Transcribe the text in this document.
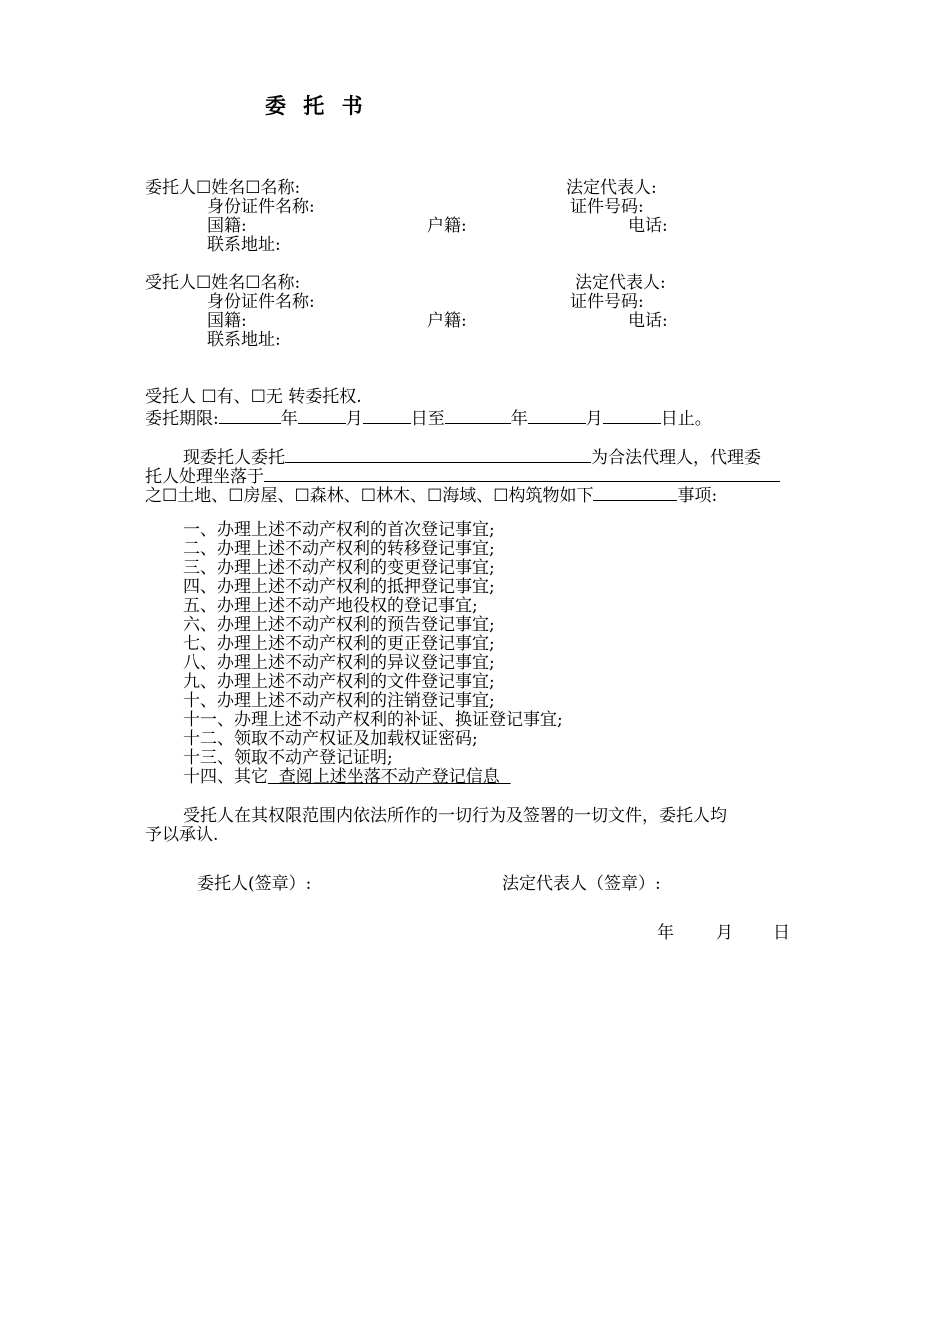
委 托 书
委托人☐姓名☐名称:	法定代表人:
身份证件名称:	证件号码:
国籍:	户籍:	电话:
联系地址:
受托人☐姓名☐名称:	法定代表人:
身份证件名称:	证件号码:
国籍:	户籍:	电话:
联系地址:
受托人 ☐有、☐无 转委托权.
委托期限:	年	月	日至	年	月	日止。
现委托人委托	为合法代理人，代理委
托人处理坐落于
之☐土地、☐房屋、☐森林、☐林木、☐海域、☐构筑物如下	事项:
一、办理上述不动产权利的首次登记事宜;
二、办理上述不动产权利的转移登记事宜;
三、办理上述不动产权利的变更登记事宜;
四、办理上述不动产权利的抵押登记事宜;
五、办理上述不动产地役权的登记事宜;
六、办理上述不动产权利的预告登记事宜;
七、办理上述不动产权利的更正登记事宜;
八、办理上述不动产权利的异议登记事宜;
九、办理上述不动产权利的文件登记事宜;
十、办理上述不动产权利的注销登记事宜;
十一、办理上述不动产权利的补证、换证登记事宜;
十二、领取不动产权证及加载权证密码;
十三、领取不动产登记证明;
十四、其它  查阅上述坐落不动产登记信息
受托人在其权限范围内依法所作的一切行为及签署的一切文件，委托人均
予以承认.
委托人(签章）:	法定代表人（签章）:
年 月 日
